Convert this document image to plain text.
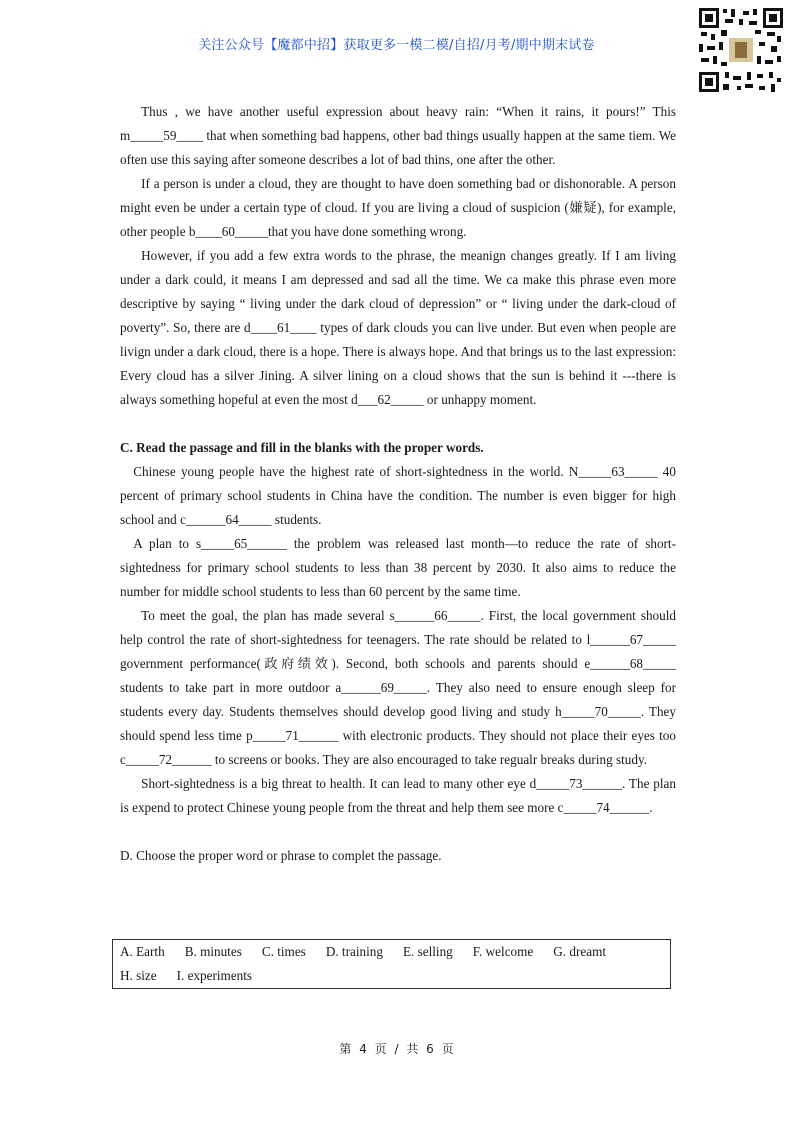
关注公众号【魔都中招】获取更多一模二模/自招/月考/期中期末试卷

Thus , we have another useful expression about heavy rain: “When it rains, it pours!” This m_____59____ that when something bad happens, other bad things usually happen at the same tiem. We often use this saying after someone describes a lot of bad thins, one after the other.

If a person is under a cloud, they are thought to have doen something bad or dishonorable. A person might even be under a certain type of cloud. If you are living a cloud of suspicion (嫌疑), for example, other people b____60_____that you have done something wrong.

However, if you add a few extra words to the phrase, the meanign changes greatly. If I am living under a dark could, it means I am depressed and sad all the time. We ca make this phrase even more descriptive by saying “ living under the dark cloud of depression” or “ living under the dark-cloud of poverty”. So, there are d____61____ types of dark clouds you can live under. But even when people are livign under a dark cloud, there is a hope. There is always hope. And that brings us to the last expression: Every cloud has a silver Jining. A silver lining on a cloud shows that the sun is behind it ---there is always something hopeful at even the most d___62_____ or unhappy moment.

C. Read the passage and fill in the blanks with the proper words.

Chinese young people have the highest rate of short-sightedness in the world. N_____63_____ 40 percent of primary school students in China have the condition. The number is even bigger for high school and c______64_____ students.

A plan to s_____65______ the problem was released last month—to reduce the rate of short-sightedness for primary school students to less than 38 percent by 2030. It also aims to reduce the number for middle school students to less than 60 percent by the same time.

To meet the goal, the plan has made several s______66_____. First, the local government should help control the rate of short-sightedness for teenagers. The rate should be related to l______67_____ government performance(政府绩效). Second, both schools and parents should e______68_____ students to take part in more outdoor a______69_____. They also need to ensure enough sleep for students every day. Students themselves should develop good living and study h_____70_____. They should spend less time p_____71______ with electronic products. They should not place their eyes too c_____72______ to screens or books. They are also encouraged to take regualr breaks during study.

Short-sightedness is a big threat to health. It can lead to many other eye d_____73______. The plan is expend to protect Chinese young people from the threat and help them see more c_____74______.

D. Choose the proper word or phrase to complet the passage.

A. Earth B. minutes C. times D. training E. selling F. welcome G. dreamtH. size I. experiments
第 4 页 / 共 6 页
